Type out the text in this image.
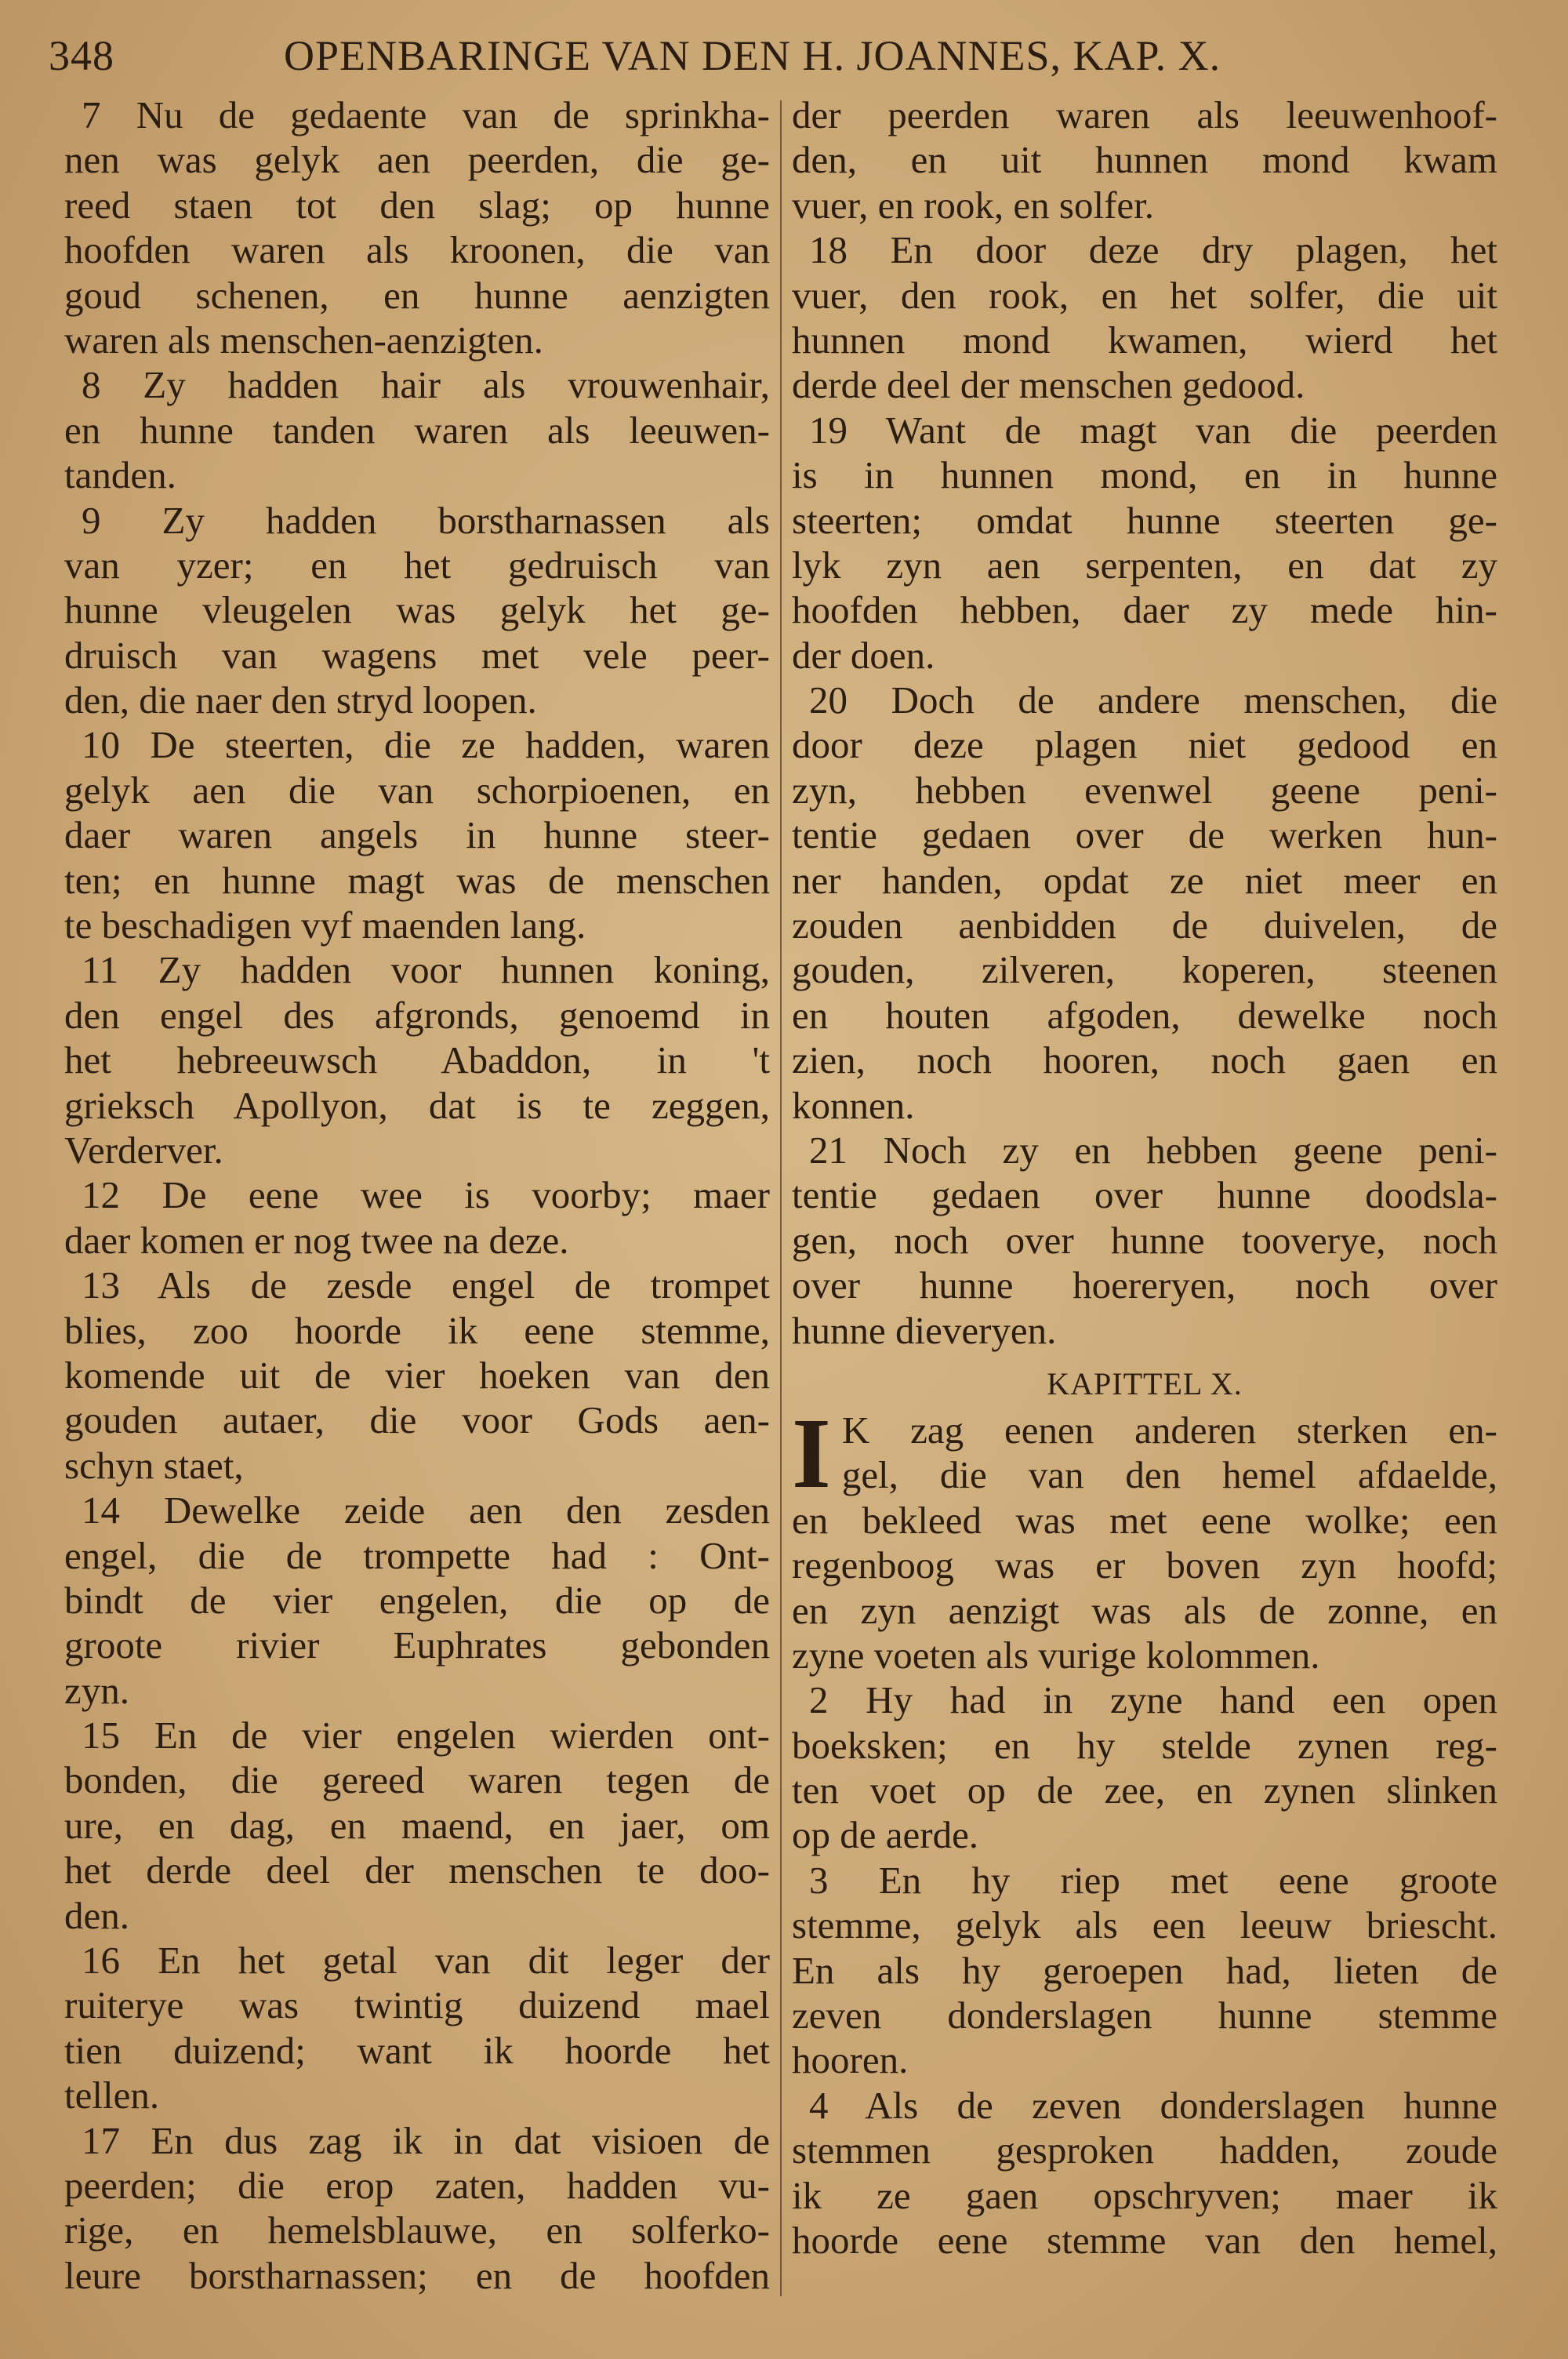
348	OPENBARINGE VAN DEN H. JOANNES, KAP. X.
7 Nu de gedaente van de sprinkha-
nen was gelyk aen peerden, die ge-
reed staen tot den slag; op hunne
hoofden waren als kroonen, die van
goud schenen, en hunne aenzigten
waren als menschen-aenzigten.
8 Zy hadden hair als vrouwenhair,
en hunne tanden waren als leeuwen-
tanden.
9 Zy hadden borstharnassen als
van yzer; en het gedruisch van
hunne vleugelen was gelyk het ge-
druisch van wagens met vele peer-
den, die naer den stryd loopen.
10 De steerten, die ze hadden, waren
gelyk aen die van schorpioenen, en
daer waren angels in hunne steer-
ten; en hunne magt was de menschen
te beschadigen vyf maenden lang.
11 Zy hadden voor hunnen koning,
den engel des afgronds, genoemd in
het hebreeuwsch Abaddon, in 't
grieksch Apollyon, dat is te zeggen,
Verderver.
12 De eene wee is voorby; maer
daer komen er nog twee na deze.
13 Als de zesde engel de trompet
blies, zoo hoorde ik eene stemme,
komende uit de vier hoeken van den
gouden autaer, die voor Gods aen-
schyn staet,
14 Dewelke zeide aen den zesden
engel, die de trompette had : Ont-
bindt de vier engelen, die op de
groote rivier Euphrates gebonden
zyn.
15 En de vier engelen wierden ont-
bonden, die gereed waren tegen de
ure, en dag, en maend, en jaer, om
het derde deel der menschen te doo-
den.
16 En het getal van dit leger der
ruiterye was twintig duizend mael
tien duizend; want ik hoorde het
tellen.
17 En dus zag ik in dat visioen de
peerden; die erop zaten, hadden vu-
rige, en hemelsblauwe, en solferko-
leure borstharnassen; en de hoofden
der peerden waren als leeuwenhoof-
den, en uit hunnen mond kwam
vuer, en rook, en solfer.
18 En door deze dry plagen, het
vuer, den rook, en het solfer, die uit
hunnen mond kwamen, wierd het
derde deel der menschen gedood.
19 Want de magt van die peerden
is in hunnen mond, en in hunne
steerten; omdat hunne steerten ge-
lyk zyn aen serpenten, en dat zy
hoofden hebben, daer zy mede hin-
der doen.
20 Doch de andere menschen, die
door deze plagen niet gedood en
zyn, hebben evenwel geene peni-
tentie gedaen over de werken hun-
ner handen, opdat ze niet meer en
zouden aenbidden de duivelen, de
gouden, zilveren, koperen, steenen
en houten afgoden, dewelke noch
zien, noch hooren, noch gaen en
konnen.
21 Noch zy en hebben geene peni-
tentie gedaen over hunne doodsla-
gen, noch over hunne tooverye, noch
over hunne hoereryen, noch over
hunne dieveryen.
KAPITTEL X.
I K zag eenen anderen sterken en-
gel, die van den hemel afdaelde,
en bekleed was met eene wolke; een
regenboog was er boven zyn hoofd;
en zyn aenzigt was als de zonne, en
zyne voeten als vurige kolommen.
2 Hy had in zyne hand een open
boeksken; en hy stelde zynen reg-
ten voet op de zee, en zynen slinken
op de aerde.
3 En hy riep met eene groote
stemme, gelyk als een leeuw briescht.
En als hy geroepen had, lieten de
zeven donderslagen hunne stemme
hooren.
4 Als de zeven donderslagen hunne
stemmen gesproken hadden, zoude
ik ze gaen opschryven; maer ik
hoorde eene stemme van den hemel,
